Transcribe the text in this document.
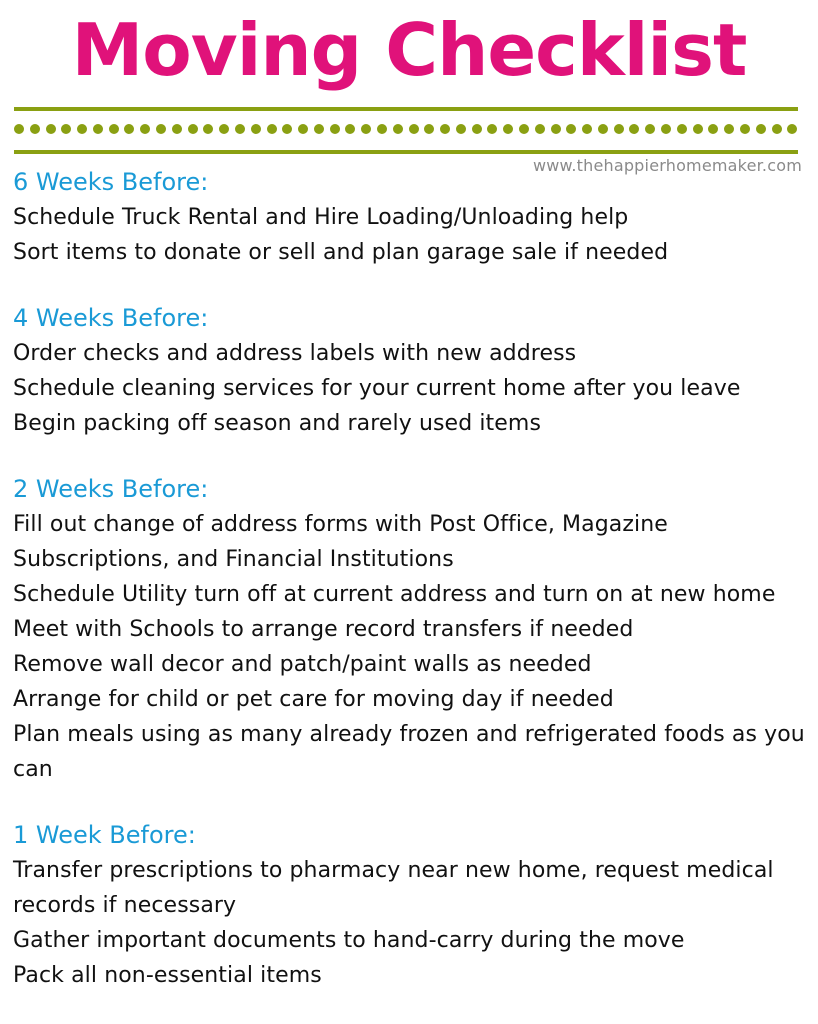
Moving Checklist
www.thehappierhomemaker.com
6 Weeks Before:
Schedule Truck Rental and Hire Loading/Unloading help
Sort items to donate or sell and plan garage sale if needed
4 Weeks Before:
Order checks and address labels with new address
Schedule cleaning services for your current home after you leave
Begin packing off season and rarely used items
2 Weeks Before:
Fill out change of address forms with Post Office, Magazine Subscriptions, and Financial Institutions
Schedule Utility turn off at current address and turn on at new home
Meet with Schools to arrange record transfers if needed
Remove wall decor and patch/paint walls as needed
Arrange for child or pet care for moving day if needed
Plan meals using as many already frozen and refrigerated foods as you can
1 Week Before:
Transfer prescriptions to pharmacy near new home, request medical records if necessary
Gather important documents to hand-carry during the move
Pack all non-essential items
